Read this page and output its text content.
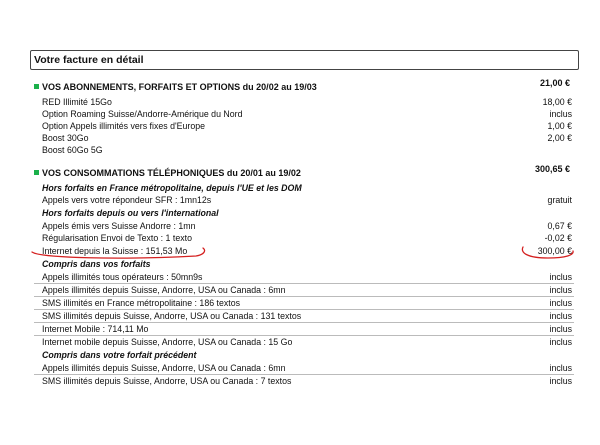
Votre facture en détail
VOS ABONNEMENTS, FORFAITS ET OPTIONS du 20/02 au 19/03	21,00 €
RED Illimité 15Go	18,00 €
Option Roaming Suisse/Andorre-Amérique du Nord	inclus
Option Appels illimités vers fixes d'Europe	1,00 €
Boost 30Go	2,00 €
Boost 60Go 5G
VOS CONSOMMATIONS TÉLÉPHONIQUES du 20/01 au 19/02	300,65 €
Hors forfaits en France métropolitaine, depuis l'UE et les DOM
Appels vers votre répondeur SFR : 1mn12s	gratuit
Hors forfaits depuis ou vers l'international
Appels émis vers Suisse Andorre : 1mn	0,67 €
Régularisation Envoi de Texto : 1 texto	-0,02 €
Internet depuis la Suisse : 151,53 Mo	300,00 €
Compris dans vos forfaits
Appels illimités tous opérateurs : 50mn9s	inclus
Appels illimités depuis Suisse, Andorre, USA ou Canada : 6mn	inclus
SMS illimités en France métropolitaine : 186 textos	inclus
SMS illimités depuis Suisse, Andorre, USA ou Canada : 131 textos	inclus
Internet Mobile : 714,11 Mo	inclus
Internet mobile depuis Suisse, Andorre, USA ou Canada : 15 Go	inclus
Compris dans votre forfait précédent
Appels illimités depuis Suisse, Andorre, USA ou Canada : 6mn	inclus
SMS illimités depuis Suisse, Andorre, USA ou Canada : 7 textos	inclus
